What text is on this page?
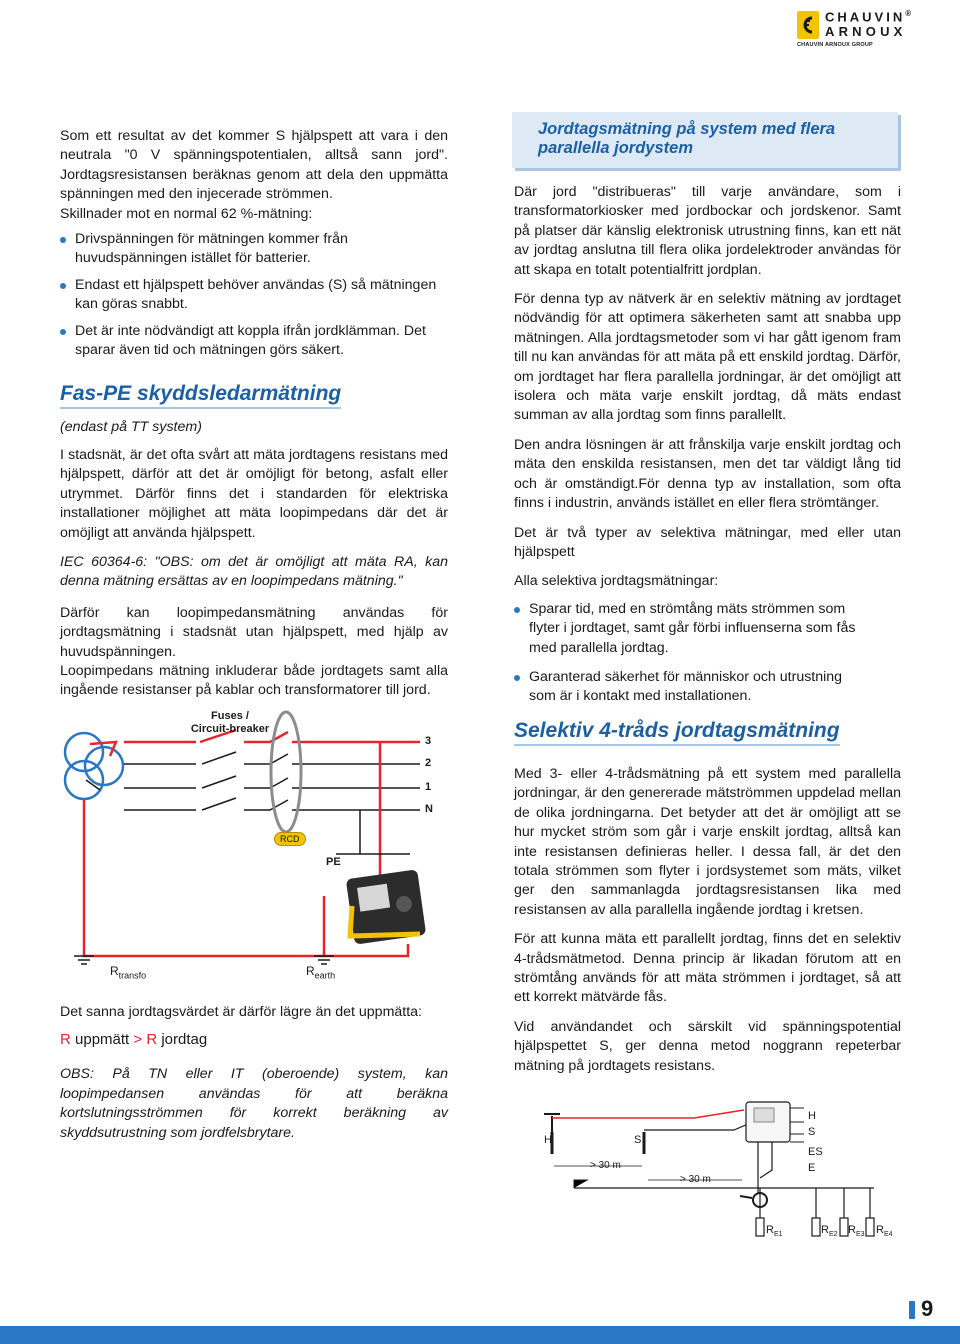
CHAUVIN®
ARNOUX
CHAUVIN ARNOUX GROUP

Som ett resultat av det kommer S hjälpspett att vara i den neutrala "0 V spänningspotentialen, alltså sann jord". Jordtagsresistansen beräknas genom att dela den uppmätta spänningen med den injecerade strömmen.

Skillnader mot en normal 62 %-mätning:

Drivspänningen för mätningen kommer från huvudspänningen istället för batterier.
Endast ett hjälpspett behöver användas (S) så mätningen kan göras snabbt.
Det är inte nödvändigt att koppla ifrån jordklämman. Det sparar även tid och mätningen görs säkert.
Fas-PE skyddsledarmätning
(endast på TT system)

I stadsnät, är det ofta svårt att mäta jordtagens resistans med hjälpspett, därför att det är omöjligt för betong, asfalt eller utrymmet. Därför finns det i standarden för elektriska installationer möjlighet att mäta loopimpedans där det är omöjligt att använda hjälpspett.

IEC 60364-6: "OBS: om det är omöjligt att mäta RA, kan denna mätning ersättas av en loopimpedans mätning."

Därför kan loopimpedansmätning användas för jordtagsmätning i stadsnät utan hjälpspett, med hjälp av huvudspänningen.

Loopimpedans mätning inkluderar både jordtagets samt alla ingående resistanser på kablar och transformatorer till jord.

Fuses /
Circuit-breaker
3
2
1
N
RCD
PE
$R_{transfo}$	$R_{earth}$

Det sanna jordtagsvärdet är därför lägre än det uppmätta:

R uppmätt > R jordtag

OBS: På TN eller IT (oberoende) system, kan loopimpedansen användas för att beräkna kortslutningsströmmen för korrekt beräkning av skyddsutrustning som jordfelsbrytare.

Jordtagsmätning på system med flera parallella jordystem

Där jord "distribueras" till varje användare, som i transformatorkiosker med jordbockar och jordskenor. Samt på platser där känslig elektronisk utrustning finns, kan ett nät av jordtag anslutna till flera olika jordelektroder användas för att skapa en totalt potentialfritt jordplan.

För denna typ av nätverk är en selektiv mätning av jordtaget nödvändig för att optimera säkerheten samt att snabba upp mätningen. Alla jordtagsmetoder som vi har gått igenom fram till nu kan användas för att mäta på ett enskild jordtag. Därför, om jordtaget har flera parallella jordningar, är det omöjligt att isolera och mäta varje enskilt jordtag, då mäts endast summan av alla jordtag som finns parallellt.

Den andra lösningen är att frånskilja varje enskilt jordtag och mäta den enskilda resistansen, men det tar väldigt lång tid och är omständigt.För denna typ av installation, som ofta finns i industrin, används istället en eller flera strömtänger.

Det är två typer av selektiva mätningar, med eller utan hjälpspett

Alla selektiva jordtagsmätningar:

Sparar tid, med en strömtång mäts strömmen som flyter i jordtaget, samt går förbi influenserna som fås med parallella jordtag.
Garanterad säkerhet för människor och utrustning som är i kontakt med installationen.
Selektiv 4-tråds jordtagsmätning

Med 3- eller 4-trådsmätning på ett system med parallella jordningar, är den genererade mätströmmen uppdelad mellan de olika jordningarna. Det betyder att det är omöjligt att se hur mycket ström som går i varje enskilt jordtag, alltså kan inte resistansen definieras heller. I dessa fall, är det den totala strömmen som flyter i jordsystemet som mäts, vilket ger den sammanlagda jordtagsresistansen lika med resistansen av alla parallella ingående jordtag i kretsen.

För att kunna mäta ett parallellt jordtag, finns det en selektiv 4-trådsmätmetod. Denna princip är likadan förutom att en strömtång används för att mäta strömmen i jordtaget, så att ett korrekt mätvärde fås.

Vid användandet och särskilt vid spänningspotential hjälpspettet S, ger denna metod noggrann repeterbar mätning på jordtagets resistans.

H	S
H
S
ES
E
> 30 m
> 30 m
$R_{E1}$	$R_{E2}$ $R_{E3}$ $R_{E4}$
9
